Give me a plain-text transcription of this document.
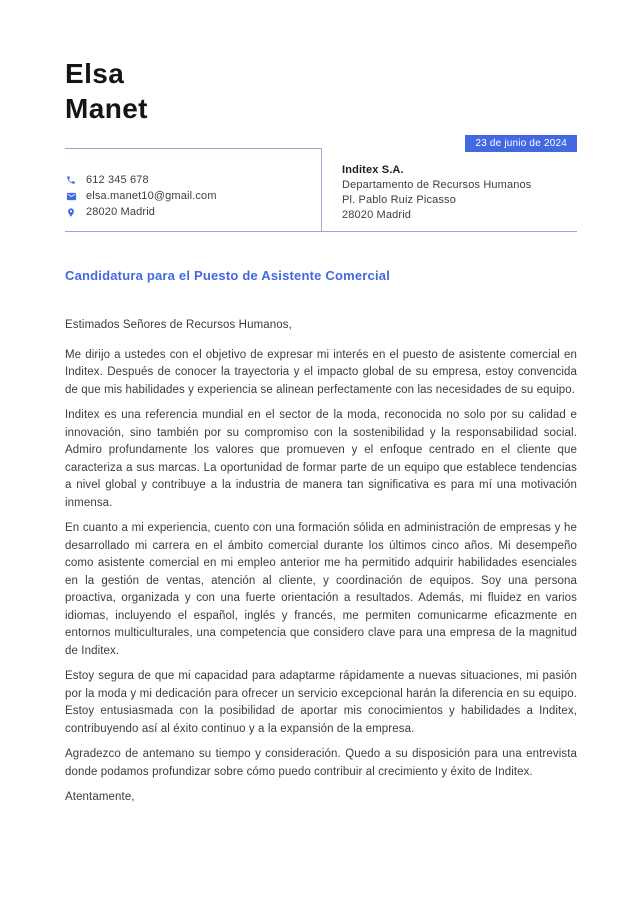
Elsa
Manet
23 de junio de 2024
612 345 678
elsa.manet10@gmail.com
28020 Madrid
Inditex S.A.
Departamento de Recursos Humanos
Pl. Pablo Ruiz Picasso
28020 Madrid
Candidatura para el Puesto de Asistente Comercial

Estimados Señores de Recursos Humanos,

Me dirijo a ustedes con el objetivo de expresar mi interés en el puesto de asistente comercial en Inditex. Después de conocer la trayectoria y el impacto global de su empresa, estoy convencida de que mis habilidades y experiencia se alinean perfectamente con las necesidades de su equipo.

Inditex es una referencia mundial en el sector de la moda, reconocida no solo por su calidad e innovación, sino también por su compromiso con la sostenibilidad y la responsabilidad social. Admiro profundamente los valores que promueven y el enfoque centrado en el cliente que caracteriza a sus marcas. La oportunidad de formar parte de un equipo que establece tendencias a nivel global y contribuye a la industria de manera tan significativa es para mí una motivación inmensa.

En cuanto a mi experiencia, cuento con una formación sólida en administración de empresas y he desarrollado mi carrera en el ámbito comercial durante los últimos cinco años. Mi desempeño como asistente comercial en mi empleo anterior me ha permitido adquirir habilidades esenciales en la gestión de ventas, atención al cliente, y coordinación de equipos. Soy una persona proactiva, organizada y con una fuerte orientación a resultados. Además, mi fluidez en varios idiomas, incluyendo el español, inglés y francés, me permiten comunicarme eficazmente en entornos multiculturales, una competencia que considero clave para una empresa de la magnitud de Inditex.

Estoy segura de que mi capacidad para adaptarme rápidamente a nuevas situaciones, mi pasión por la moda y mi dedicación para ofrecer un servicio excepcional harán la diferencia en su equipo. Estoy entusiasmada con la posibilidad de aportar mis conocimientos y habilidades a Inditex, contribuyendo así al éxito continuo y a la expansión de la empresa.

Agradezco de antemano su tiempo y consideración. Quedo a su disposición para una entrevista donde podamos profundizar sobre cómo puedo contribuir al crecimiento y éxito de Inditex.

Atentamente,
